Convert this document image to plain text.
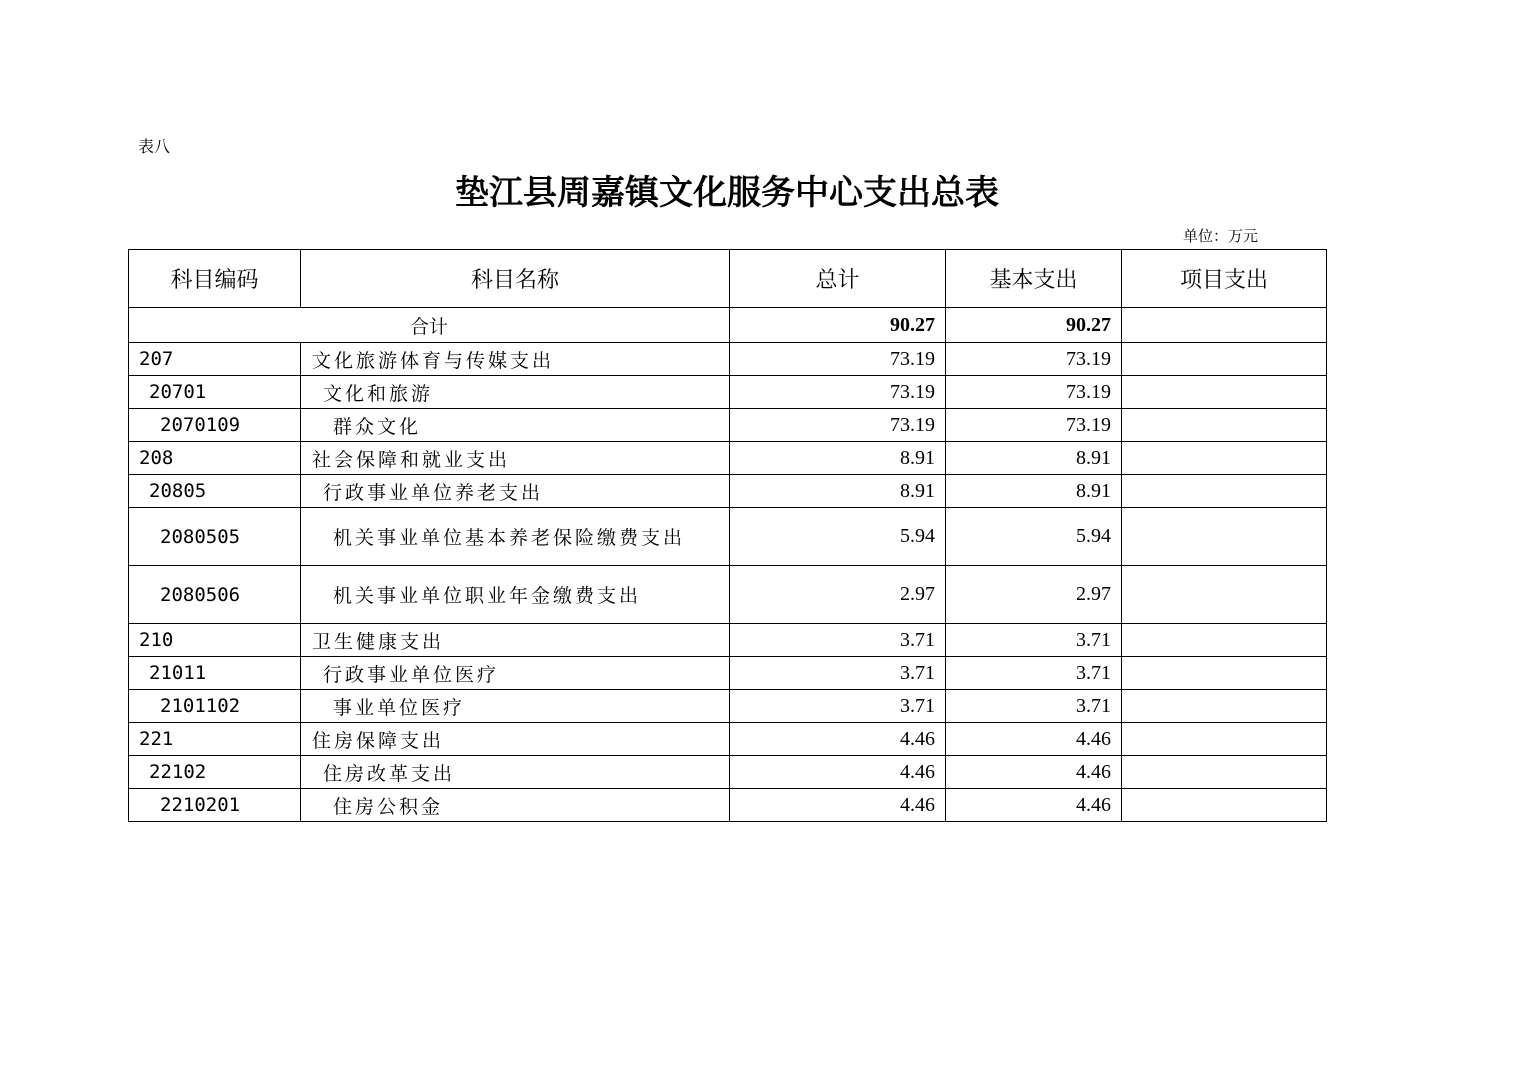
表八
垫江县周嘉镇文化服务中心支出总表
单位：万元
科目编码	科目名称	总计	基本支出	项目支出
合计		90.27	90.27	
207	文化旅游体育与传媒支出	73.19	73.19	
20701	文化和旅游	73.19	73.19	
2070109	群众文化	73.19	73.19	
208	社会保障和就业支出	8.91	8.91	
20805	行政事业单位养老支出	8.91	8.91	
2080505	机关事业单位基本养老保险缴费支出	5.94	5.94	
2080506	机关事业单位职业年金缴费支出	2.97	2.97	
210	卫生健康支出	3.71	3.71	
21011	行政事业单位医疗	3.71	3.71	
2101102	事业单位医疗	3.71	3.71	
221	住房保障支出	4.46	4.46	
22102	住房改革支出	4.46	4.46	
2210201	住房公积金	4.46	4.46	
